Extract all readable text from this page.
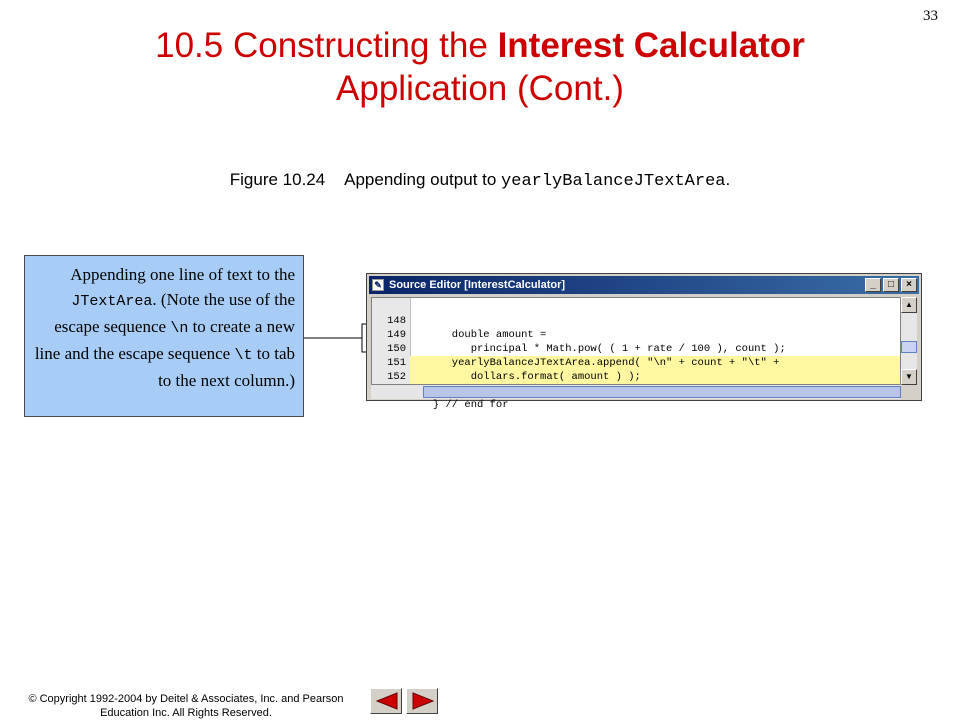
33
10.5 Constructing the Interest Calculator
Application (Cont.)
Figure 10.24 Appending output to yearlyBalanceJTextArea.
Appending one line of text to the JTextArea. (Note the use of the escape sequence \n to create a new line and the escape sequence \t to tab to the next column.)
✎ Source Editor [InterestCalculator]	_	□	×

148

double amount =

149

principal * Math.pow( ( 1 + rate / 100 ), count );

150

yearlyBalanceJTextArea.append( "\n" + count + "\t" +

151

dollars.format( amount ) );

152

} // end for

▲
▼
© Copyright 1992-2004 by Deitel & Associates, Inc. and Pearson
Education Inc. All Rights Reserved.
